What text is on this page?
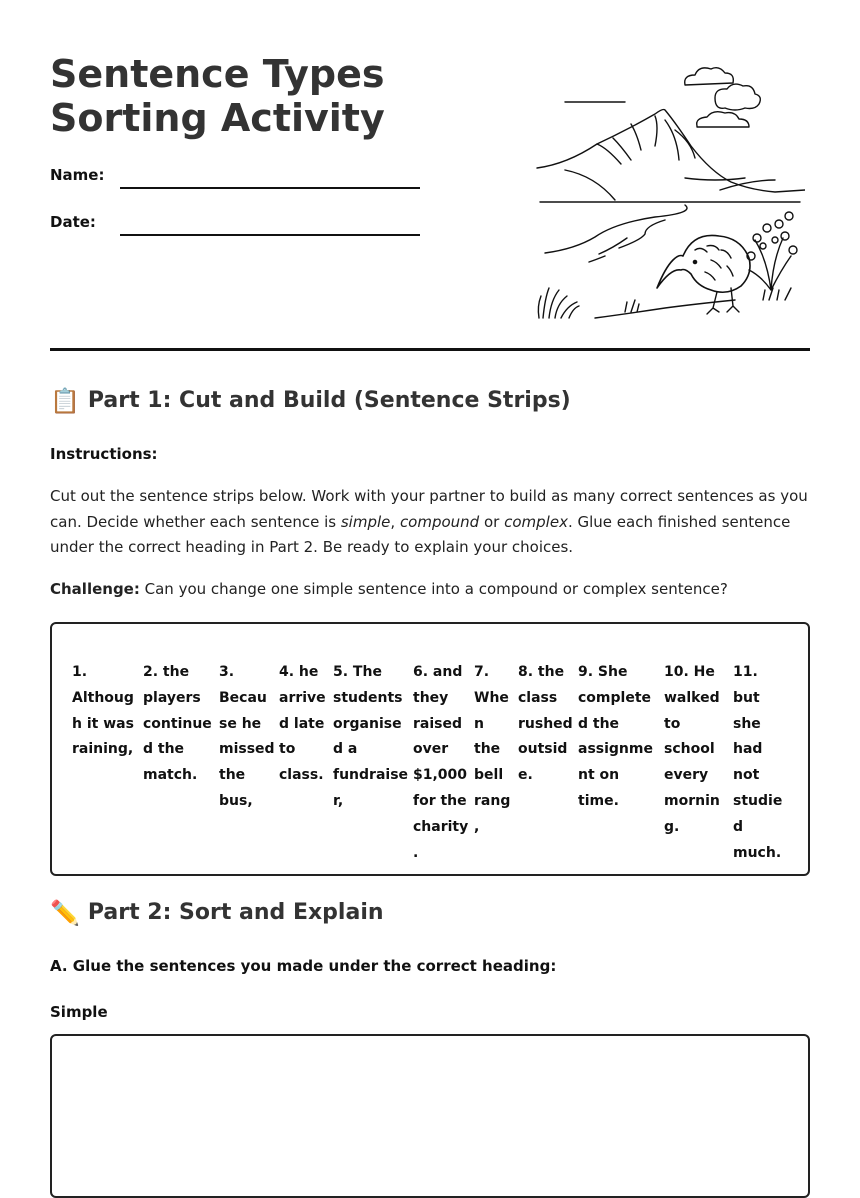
Sentence Types Sorting Activity
Name:
Date:
📋 Part 1: Cut and Build (Sentence Strips)
Instructions:

Cut out the sentence strips below. Work with your partner to build as many correct sentences as you can. Decide whether each sentence is simple, compound or complex. Glue each finished sentence under the correct heading in Part 2. Be ready to explain your choices.

Challenge: Can you change one simple sentence into a compound or complex sentence?

1. Although it was raining,
2. the players continued the match.
3. Because he missed the bus,
4. he arrived late to class.
5. The students organised a fundraiser,
6. and they raised over $1,000 for the charity.
7. When the bell rang,
8. the class rushed outside.
9. She completed the assignment on time.
10. He walked to school every morning.
11. but she had not studied much.
✏️ Part 2: Sort and Explain
A. Glue the sentences you made under the correct heading:
Simple
